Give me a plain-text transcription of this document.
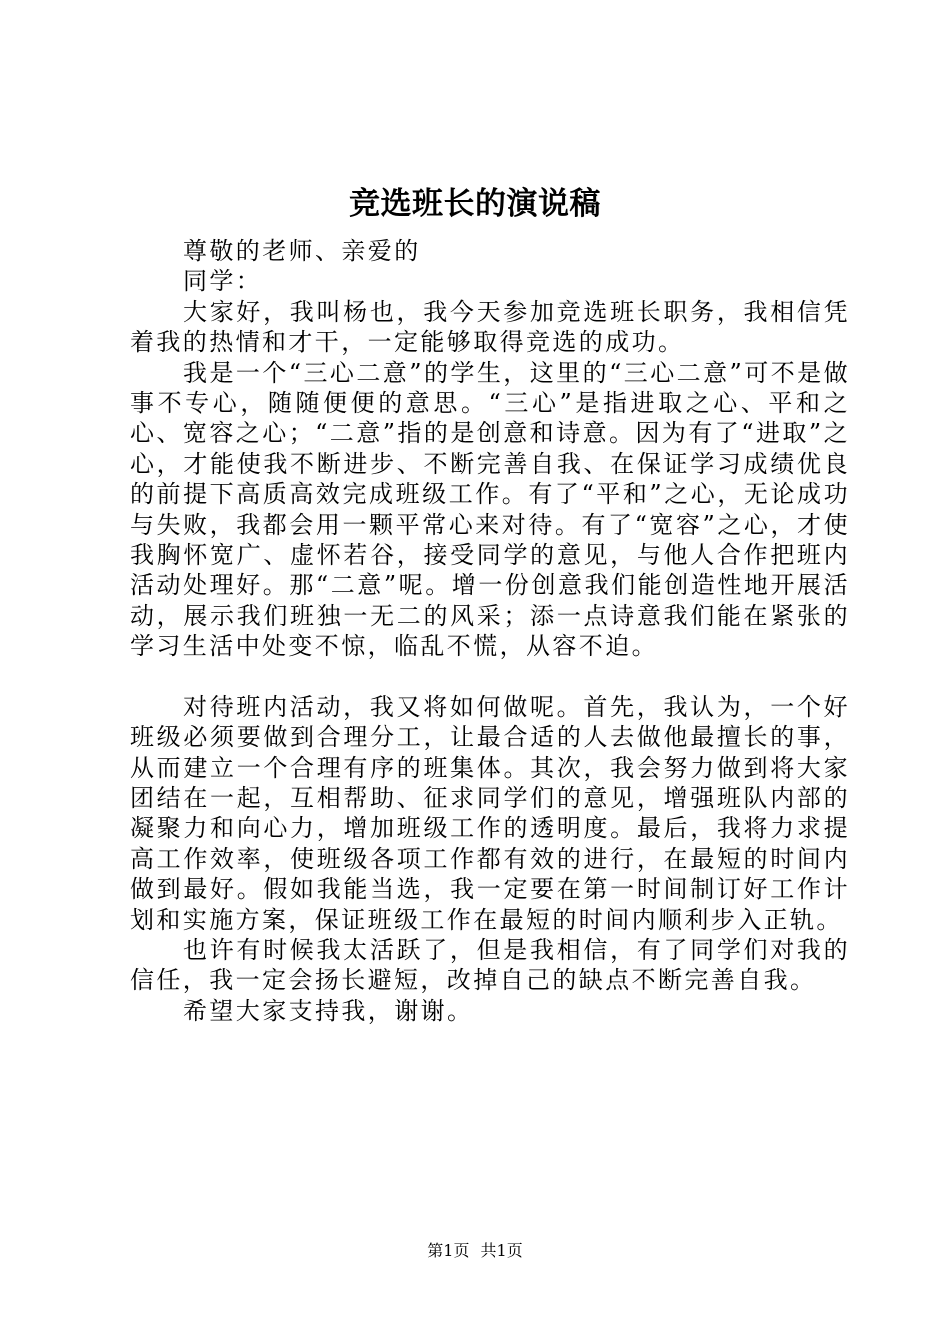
竞选班长的演说稿

尊敬的老师、亲爱的

同学：

大家好，我叫杨也，我今天参加竞选班长职务，我相信凭着我的热情和才干，一定能够取得竞选的成功。

我是一个“三心二意”的学生，这里的“三心二意”可不是做事不专心，随随便便的意思。“三心”是指进取之心、平和之心、宽容之心；“二意”指的是创意和诗意。因为有了“进取”之心，才能使我不断进步、不断完善自我、在保证学习成绩优良的前提下高质高效完成班级工作。有了“平和”之心，无论成功与失败，我都会用一颗平常心来对待。有了“宽容”之心，才使我胸怀宽广、虚怀若谷，接受同学的意见，与他人合作把班内活动处理好。那“二意”呢。增一份创意我们能创造性地开展活动，展示我们班独一无二的风采；添一点诗意我们能在紧张的学习生活中处变不惊，临乱不慌，从容不迫。

对待班内活动，我又将如何做呢。首先，我认为，一个好班级必须要做到合理分工，让最合适的人去做他最擅长的事，从而建立一个合理有序的班集体。其次，我会努力做到将大家团结在一起，互相帮助、征求同学们的意见，增强班队内部的凝聚力和向心力，增加班级工作的透明度。最后，我将力求提高工作效率，使班级各项工作都有效的进行，在最短的时间内做到最好。假如我能当选，我一定要在第一时间制订好工作计划和实施方案，保证班级工作在最短的时间内顺利步入正轨。

也许有时候我太活跃了，但是我相信，有了同学们对我的信任，我一定会扬长避短，改掉自己的缺点不断完善自我。

希望大家支持我，谢谢。

第1页 共1页
